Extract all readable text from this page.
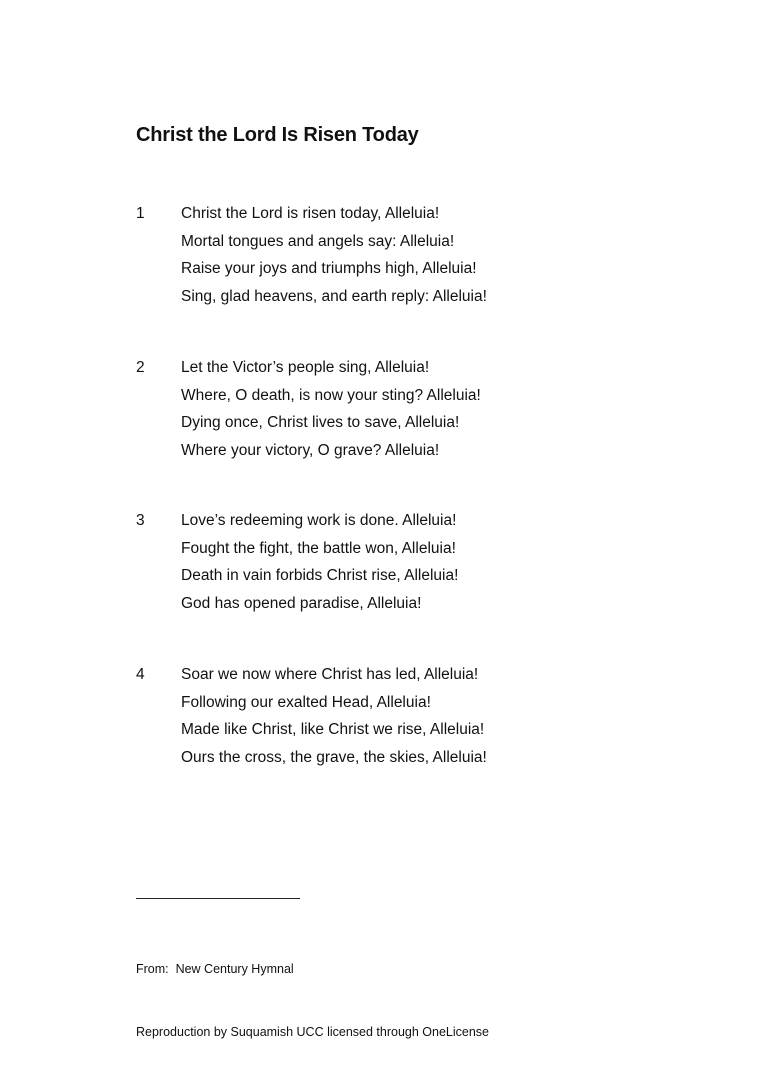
Christ the Lord Is Risen Today
1 Christ the Lord is risen today, Alleluia!
Mortal tongues and angels say: Alleluia!
Raise your joys and triumphs high, Alleluia!
Sing, glad heavens, and earth reply: Alleluia!
2 Let the Victor’s people sing, Alleluia!
Where, O death, is now your sting? Alleluia!
Dying once, Christ lives to save, Alleluia!
Where your victory, O grave? Alleluia!
3 Love’s redeeming work is done. Alleluia!
Fought the fight, the battle won, Alleluia!
Death in vain forbids Christ rise, Alleluia!
God has opened paradise, Alleluia!
4 Soar we now where Christ has led, Alleluia!
Following our exalted Head, Alleluia!
Made like Christ, like Christ we rise, Alleluia!
Ours the cross, the grave, the skies, Alleluia!

From:  New Century Hymnal

Reproduction by Suquamish UCC licensed through OneLicense
